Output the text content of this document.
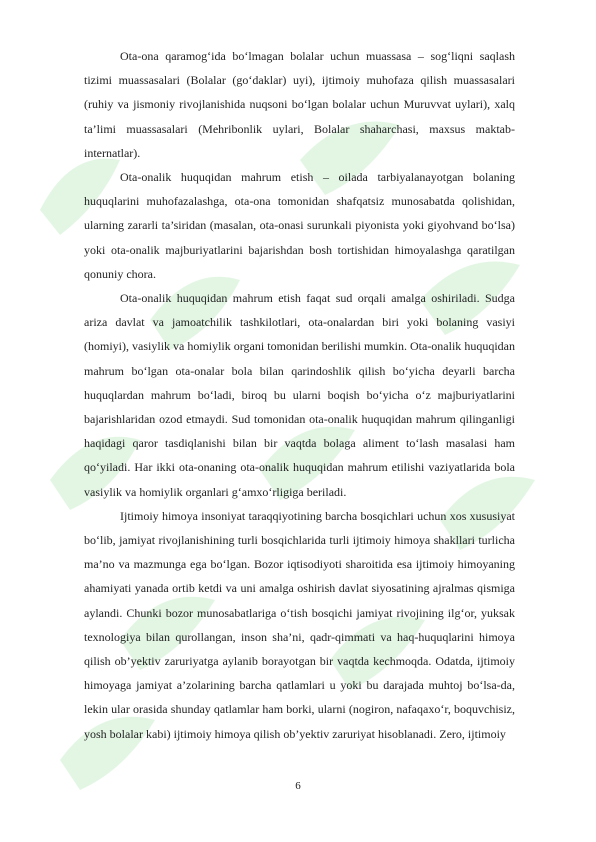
Ota-ona qaramog‘ida bo‘lmagan bolalar uchun muassasa – sog‘liqni saqlash tizimi muassasalari (Bolalar (go‘daklar) uyi), ijtimoiy muhofaza qilish muassasalari (ruhiy va jismoniy rivojlanishida nuqsoni bo‘lgan bolalar uchun Muruvvat uylari), xalq ta’limi muassasalari (Mehribonlik uylari, Bolalar shaharchasi, maxsus maktab-internatlar).

Ota-onalik huquqidan mahrum etish – oilada tarbiyalanayotgan bolaning huquqlarini muhofazalashga, ota-ona tomonidan shafqatsiz munosabatda qolishidan, ularning zararli ta’siridan (masalan, ota-onasi surunkali piyonista yoki giyohvand bo‘lsa) yoki ota-onalik majburiyatlarini bajarishdan bosh tortishidan himoyalashga qaratilgan qonuniy chora.

Ota-onalik huquqidan mahrum etish faqat sud orqali amalga oshiriladi. Sudga ariza davlat va jamoatchilik tashkilotlari, ota-onalardan biri yoki bolaning vasiyi (homiyi), vasiylik va homiylik organi tomonidan berilishi mumkin. Ota-onalik huquqidan mahrum bo‘lgan ota-onalar bola bilan qarindoshlik qilish bo‘yicha deyarli barcha huquqlardan mahrum bo‘ladi, biroq bu ularni boqish bo‘yicha o‘z majburiyatlarini bajarishlaridan ozod etmaydi. Sud tomonidan ota-onalik huquqidan mahrum qilinganligi haqidagi qaror tasdiqlanishi bilan bir vaqtda bolaga aliment to‘lash masalasi ham qo‘yiladi. Har ikki ota-onaning ota-onalik huquqidan mahrum etilishi vaziyatlarida bola vasiylik va homiylik organlari g‘amxo‘rligiga beriladi.

Ijtimoiy himoya insoniyat taraqqiyotining barcha bosqichlari uchun xos xususiyat bo‘lib, jamiyat rivojlanishining turli bosqichlarida turli ijtimoiy himoya shakllari turlicha ma’no va mazmunga ega bo‘lgan. Bozor iqtisodiyoti sharoitida esa ijtimoiy himoyaning ahamiyati yanada ortib ketdi va uni amalga oshirish davlat siyosatining ajralmas qismiga aylandi. Chunki bozor munosabatlariga o‘tish bosqichi jamiyat rivojining ilg‘or, yuksak texnologiya bilan qurollangan, inson sha’ni, qadr-qimmati va haq-huquqlarini himoya qilish ob’yektiv zaruriyatga aylanib borayotgan bir vaqtda kechmoqda. Odatda, ijtimoiy himoyaga jamiyat a’zolarining barcha qatlamlari u yoki bu darajada muhtoj bo‘lsa-da, lekin ular orasida shunday qatlamlar ham borki, ularni (nogiron, nafaqaxo‘r, boquvchisiz, yosh bolalar kabi) ijtimoiy himoya qilish ob’yektiv zaruriyat hisoblanadi. Zero, ijtimoiy

6
